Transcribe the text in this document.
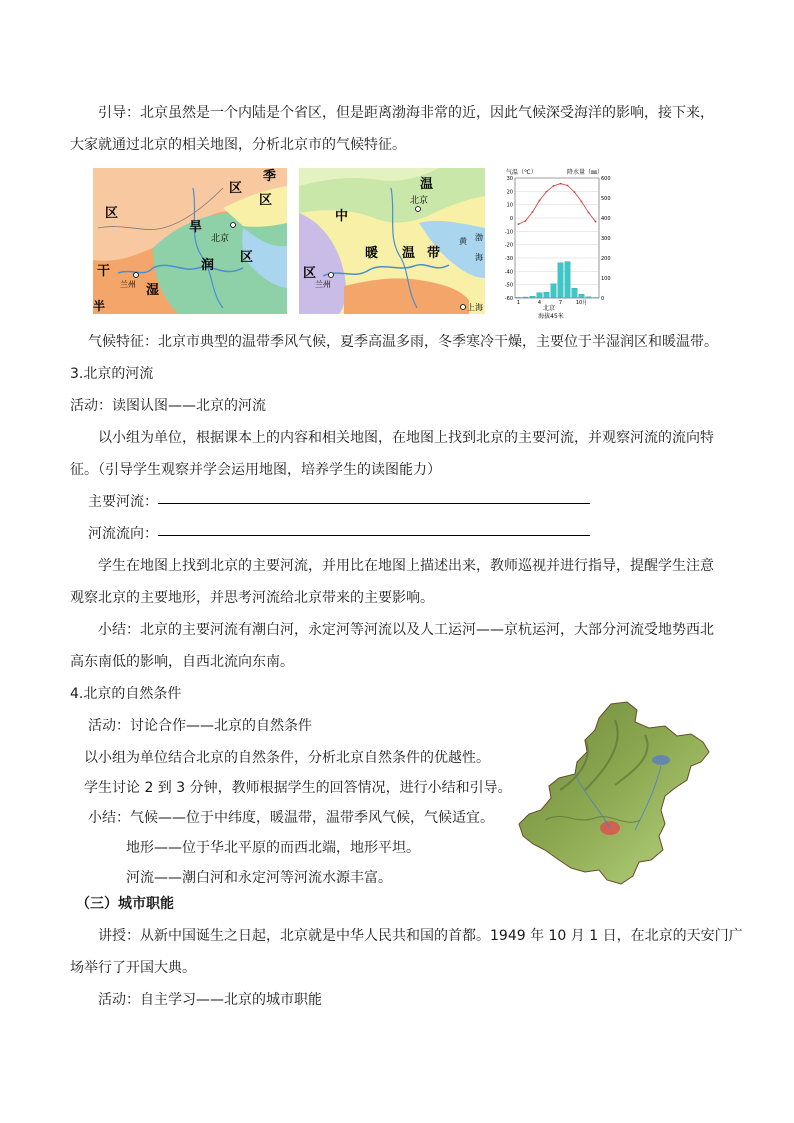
引导：北京虽然是一个内陆是个省区，但是距离渤海非常的近，因此气候深受海洋的影响，接下来，
大家就通过北京的相关地图，分析北京市的气候特征。
区
季
区
区
旱
北京
润
区
兰州 湿
干
半
温
中
北京
暖 温 带
区
兰州
上海
黄 渤
海
气温（℃）	降水量（㎜）
30
20
10
0
-10
-20
-30
-40
-50
-60
600
500
400
300
200
100
0
1	4	7	10月
北京
海拔45米
气候特征：北京市典型的温带季风气候，夏季高温多雨，冬季寒冷干燥，主要位于半湿润区和暖温带。
3.北京的河流
活动：读图认图——北京的河流
以小组为单位，根据课本上的内容和相关地图，在地图上找到北京的主要河流，并观察河流的流向特
征。（引导学生观察并学会运用地图，培养学生的读图能力）
主要河流：
河流流向：
学生在地图上找到北京的主要河流，并用比在地图上描述出来，教师巡视并进行指导，提醒学生注意
观察北京的主要地形，并思考河流给北京带来的主要影响。
小结：北京的主要河流有潮白河，永定河等河流以及人工运河——京杭运河，大部分河流受地势西北
高东南低的影响，自西北流向东南。
4.北京的自然条件
活动：讨论合作——北京的自然条件
以小组为单位结合北京的自然条件，分析北京自然条件的优越性。
学生讨论 2 到 3 分钟，教师根据学生的回答情况，进行小结和引导。
小结：气候——位于中纬度，暖温带，温带季风气候，气候适宜。
地形——位于华北平原的而西北端，地形平坦。
河流——潮白河和永定河等河流水源丰富。
（三）城市职能
讲授：从新中国诞生之日起，北京就是中华人民共和国的首都。1949 年 10 月 1 日，在北京的天安门广
场举行了开国大典。
活动：自主学习——北京的城市职能
